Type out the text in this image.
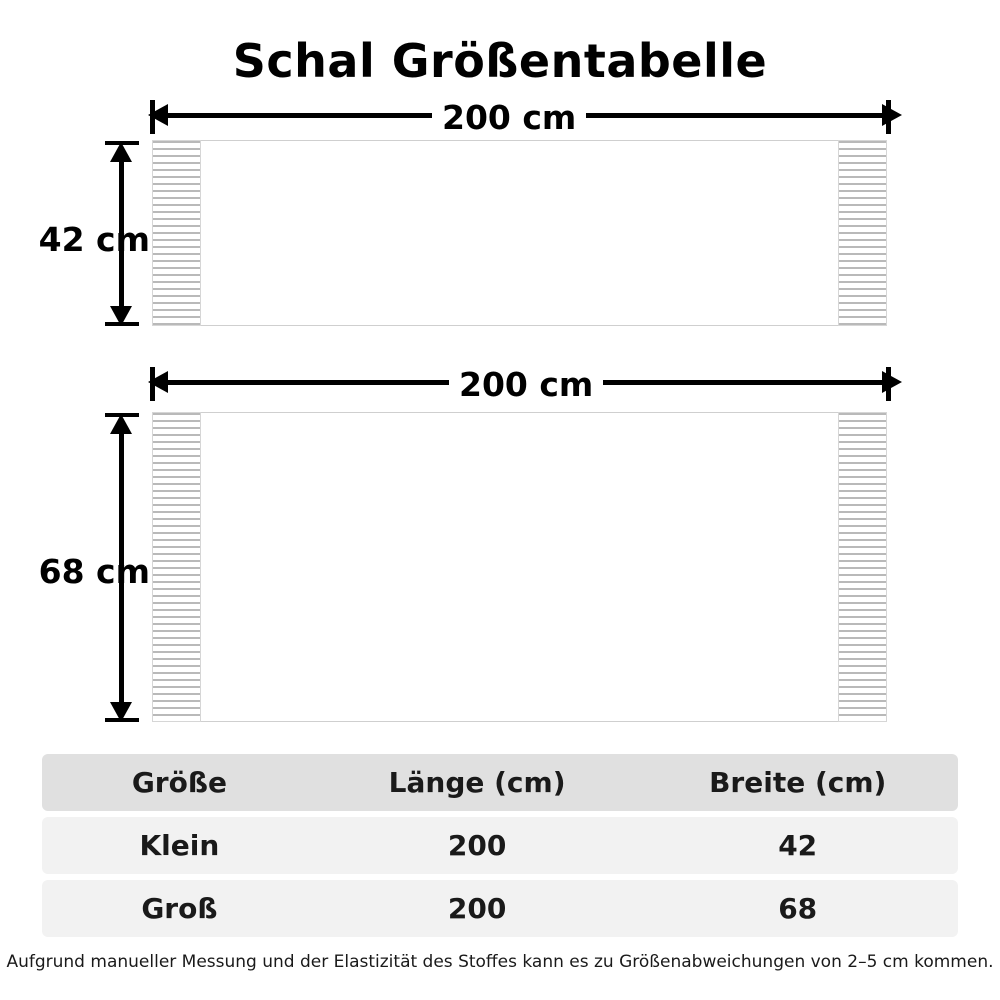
Schal Größentabelle
200 cm
42 cm
200 cm
68 cm
Größe	Länge (cm)	Breite (cm)
Klein	200	42
Groß	200	68
Aufgrund manueller Messung und der Elastizität des Stoffes kann es zu Größenabweichungen von 2–5 cm kommen.
